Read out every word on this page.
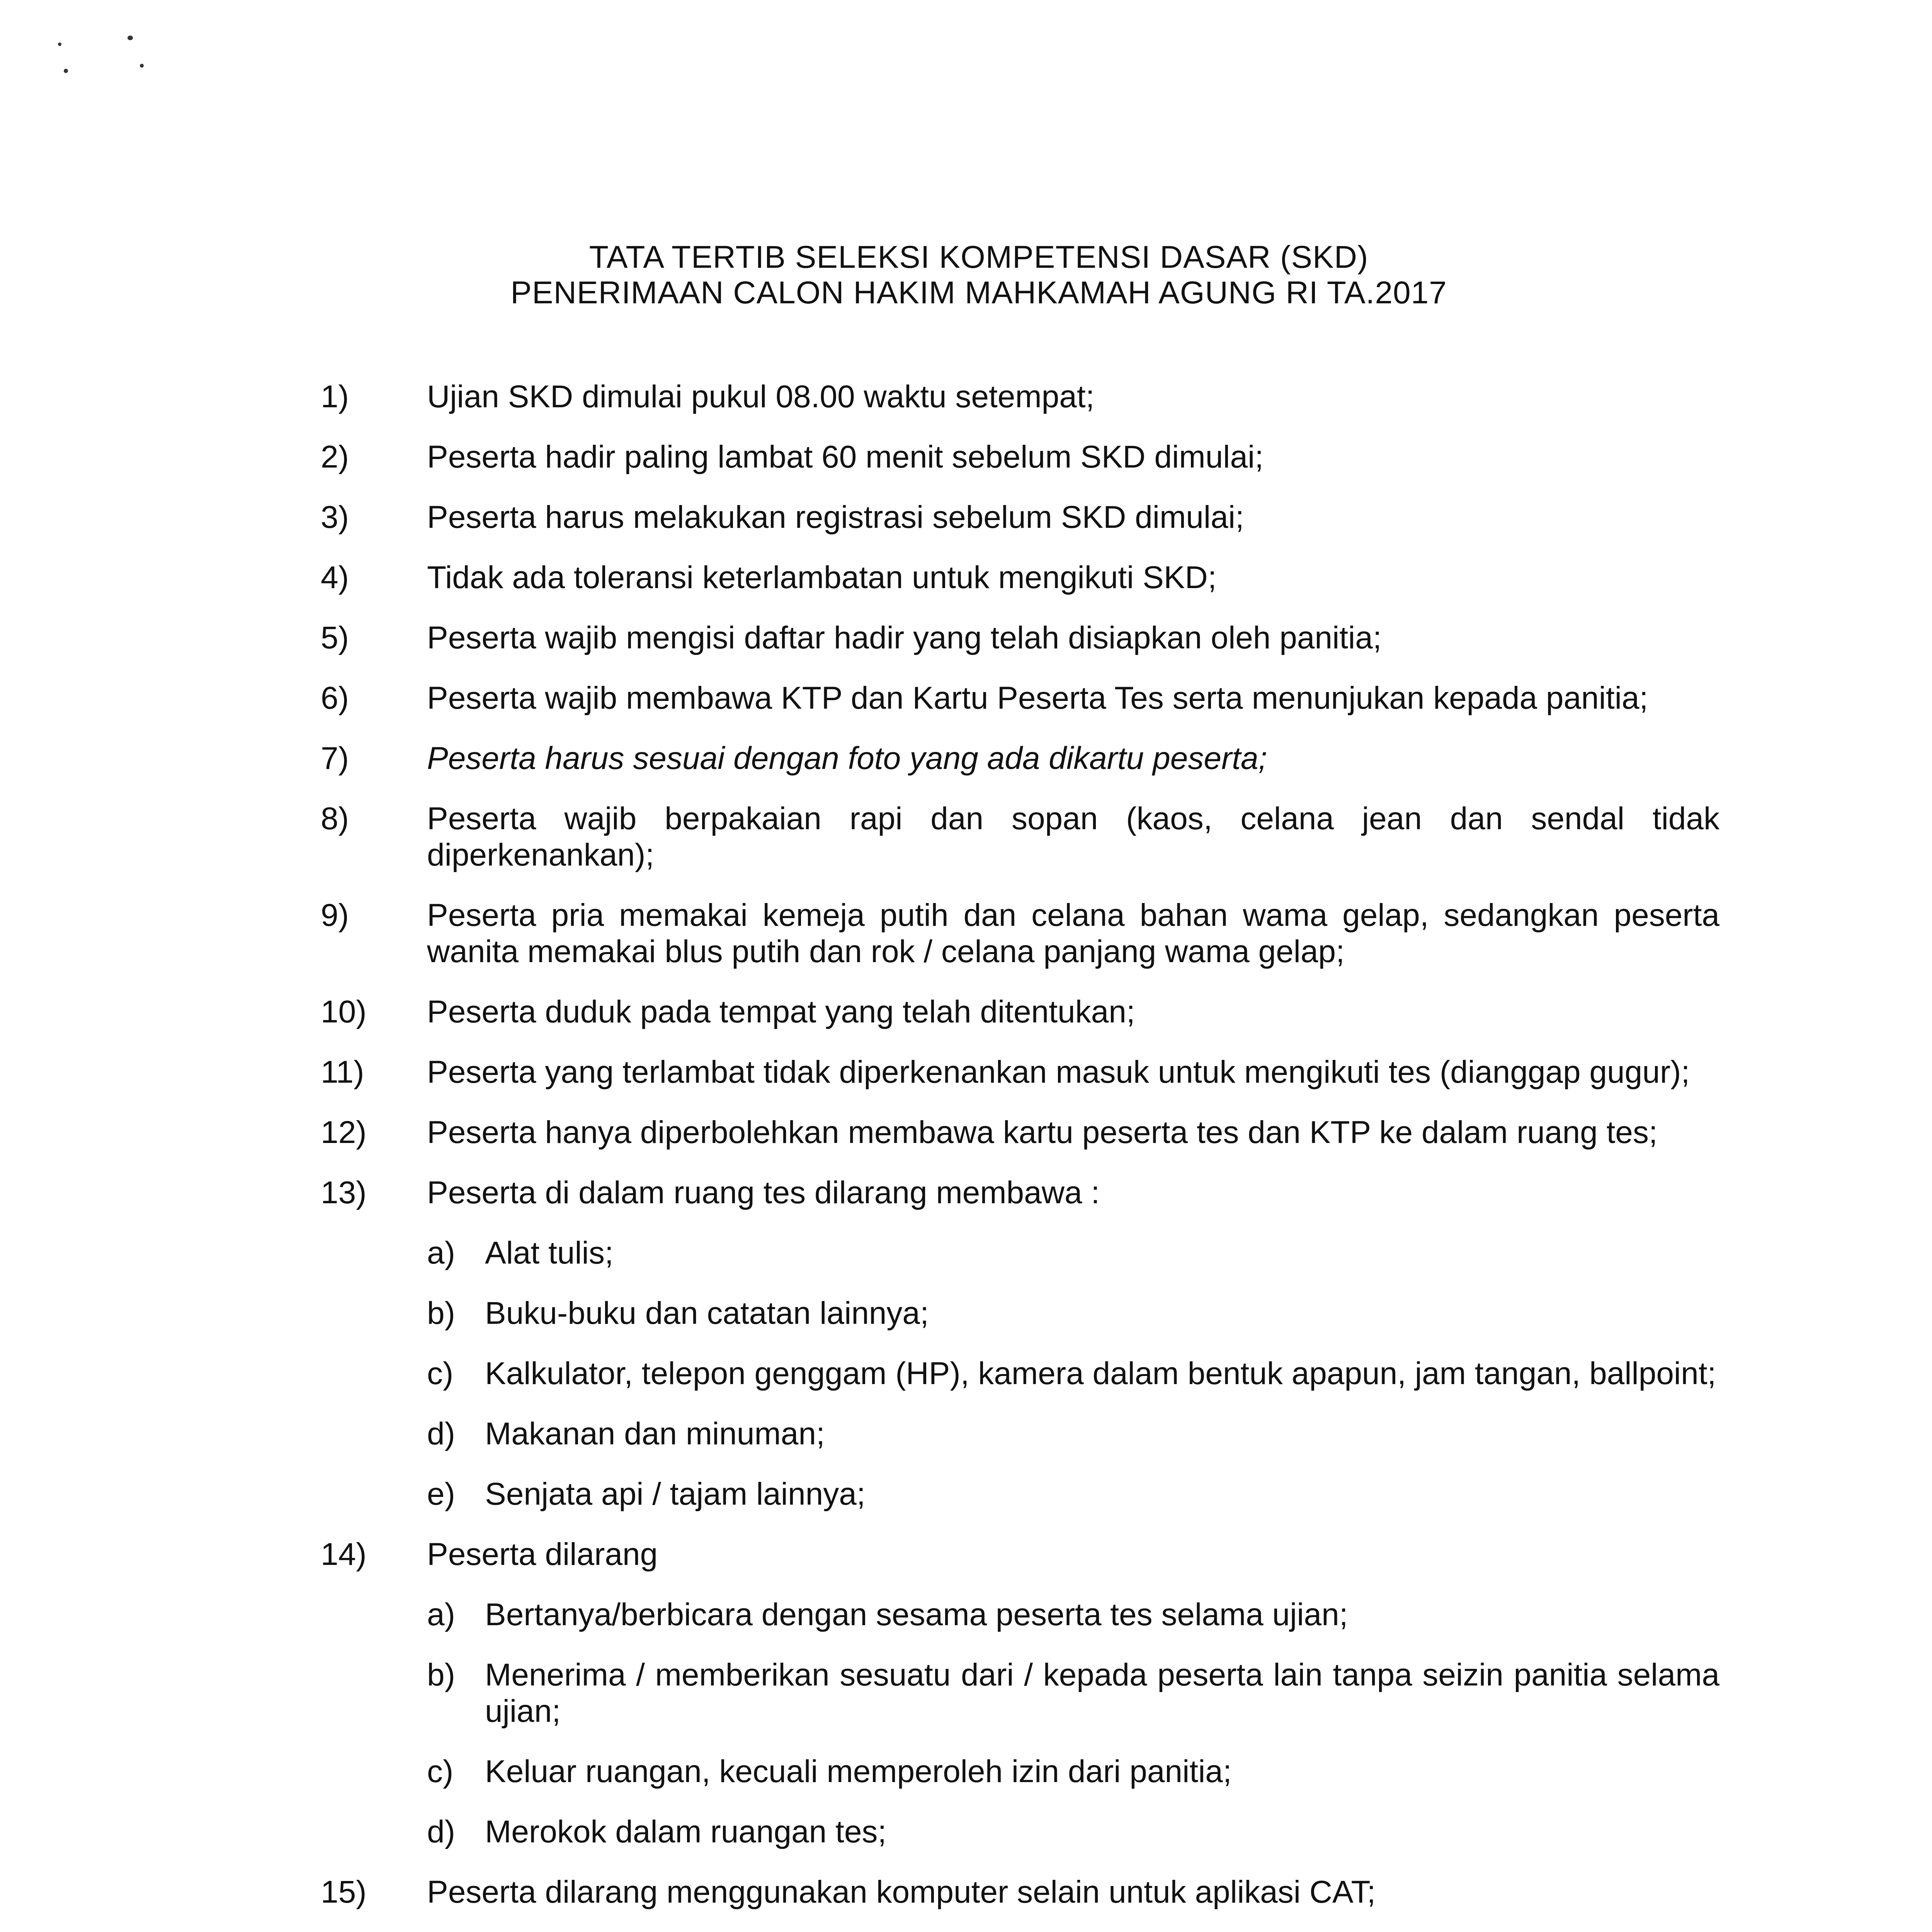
TATA TERTIB SELEKSI KOMPETENSI DASAR (SKD)
PENERIMAAN CALON HAKIM MAHKAMAH AGUNG RI TA.2017
1)	Ujian SKD dimulai pukul 08.00 waktu setempat;
2)	Peserta hadir paling lambat 60 menit sebelum SKD dimulai;
3)	Peserta harus melakukan registrasi sebelum SKD dimulai;
4)	Tidak ada toleransi keterlambatan untuk mengikuti SKD;
5)	Peserta wajib mengisi daftar hadir yang telah disiapkan oleh panitia;
6)	Peserta wajib membawa KTP dan Kartu Peserta Tes serta menunjukan kepada panitia;
7)	Peserta harus sesuai dengan foto yang ada dikartu peserta;
8)	Peserta wajib berpakaian rapi dan sopan (kaos, celana jean dan sendal tidak diperkenankan);
9)	Peserta pria memakai kemeja putih dan celana bahan wama gelap, sedangkan peserta wanita memakai blus putih dan rok / celana panjang wama gelap;
10)	Peserta duduk pada tempat yang telah ditentukan;
11)	Peserta yang terlambat tidak diperkenankan masuk untuk mengikuti tes (dianggap gugur);
12)	Peserta hanya diperbolehkan membawa kartu peserta tes dan KTP ke dalam ruang tes;
13)	Peserta di dalam ruang tes dilarang membawa :
a) Alat tulis;
b) Buku-buku dan catatan lainnya;
c) Kalkulator, telepon genggam (HP), kamera dalam bentuk apapun, jam tangan, ballpoint;
d) Makanan dan minuman;
e) Senjata api / tajam lainnya;
14)	Peserta dilarang
a) Bertanya/berbicara dengan sesama peserta tes selama ujian;
b) Menerima / memberikan sesuatu dari / kepada peserta lain tanpa seizin panitia selama ujian;
c) Keluar ruangan, kecuali memperoleh izin dari panitia;
d) Merokok dalam ruangan tes;
15)	Peserta dilarang menggunakan komputer selain untuk aplikasi CAT;
